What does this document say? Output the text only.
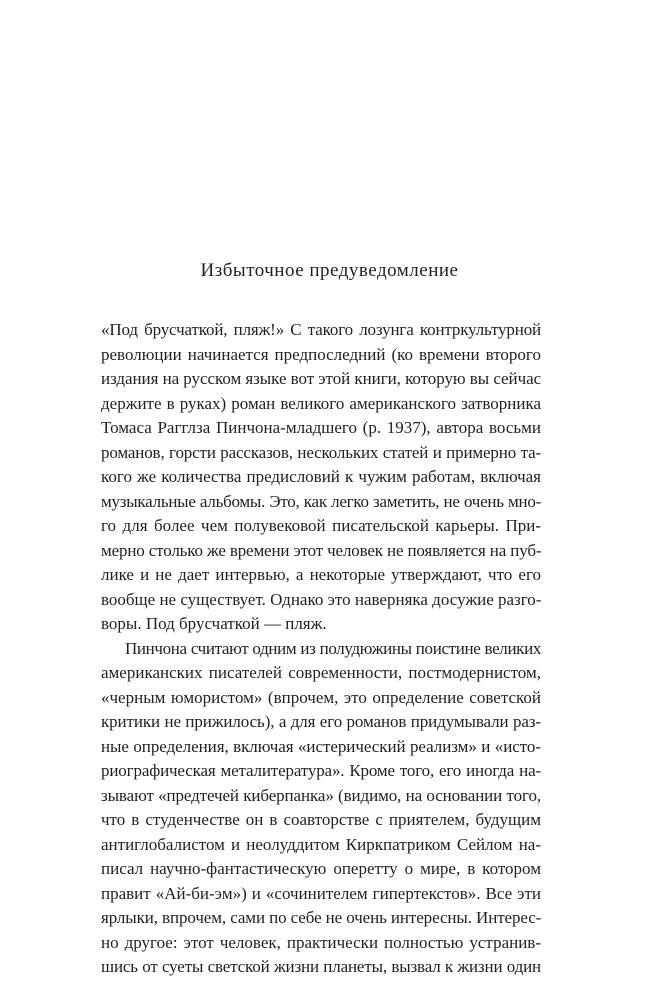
Избыточное предуведомление
«Под брусчаткой, пляж!» С такого лозунга контркультурной
революции начинается предпоследний (ко времени второго
издания на русском языке вот этой книги, которую вы сейчас
держите в руках) роман великого американского затворника
Томаса Рагглза Пинчона-младшего (р. 1937), автора восьми
романов, горсти рассказов, нескольких статей и примерно та-
кого же количества предисловий к чужим работам, включая
музыкальные альбомы. Это, как легко заметить, не очень мно-
го для более чем полувековой писательской карьеры. При-
мерно столько же времени этот человек не появляется на пуб-
лике и не дает интервью, а некоторые утверждают, что его
вообще не существует. Однако это наверняка досужие разго-
воры. Под брусчаткой — пляж.
Пинчона считают одним из полудюжины поистине великих
американских писателей современности, постмодернистом,
«черным юмористом» (впрочем, это определение советской
критики не прижилось), а для его романов придумывали раз-
ные определения, включая «истерический реализм» и «исто-
риографическая металитература». Кроме того, его иногда на-
зывают «предтечей киберпанка» (видимо, на основании того,
что в студенчестве он в соавторстве с приятелем, будущим
антиглобалистом и неолуддитом Киркпатриком Сейлом на-
писал научно-фантастическую оперетту о мире, в котором
правит «Ай-би-эм») и «сочинителем гипертекстов». Все эти
ярлыки, впрочем, сами по себе не очень интересны. Интерес-
но другое: этот человек, практически полностью устранив-
шись от суеты светской жизни планеты, вызвал к жизни один
